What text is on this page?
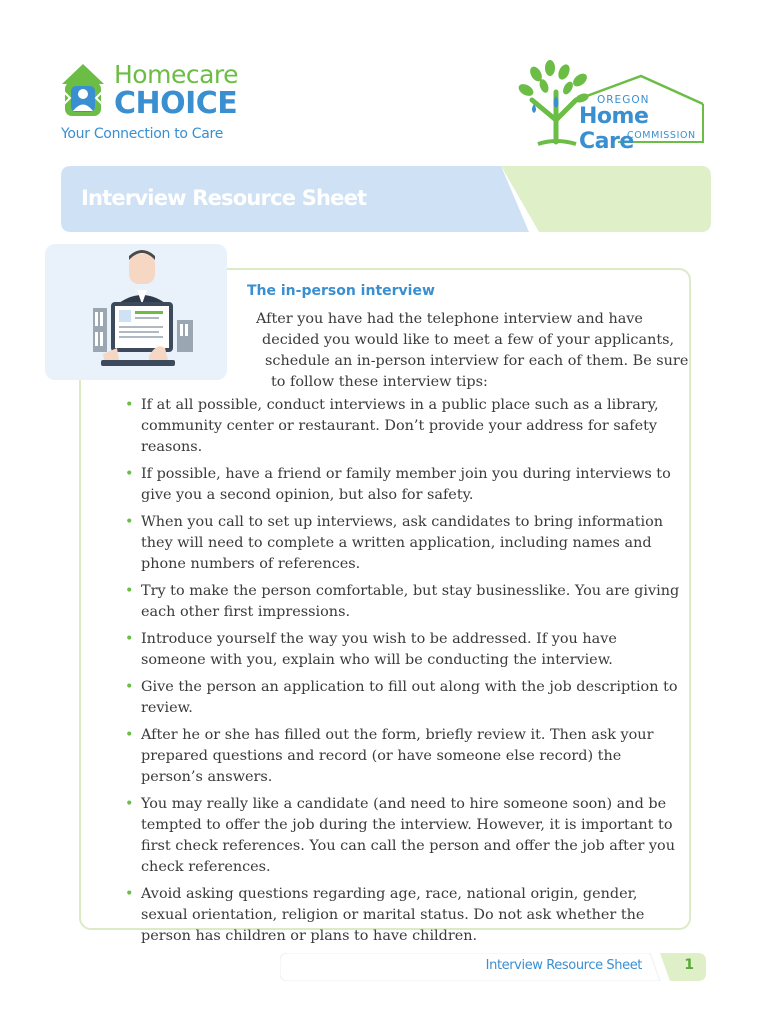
Homecare
CHOICE
Your Connection to Care
OREGON
Home Care
COMMISSION
Interview Resource Sheet
The in-person interview
After you have had the telephone interview and have
decided you would like to meet a few of your applicants,
schedule an in-person interview for each of them. Be sure
to follow these interview tips:
• If at all possible, conduct interviews in a public place such as a library, community center or restaurant. Don’t provide your address for safety reasons.
• If possible, have a friend or family member join you during interviews to give you a second opinion, but also for safety.
• When you call to set up interviews, ask candidates to bring information they will need to complete a written application, including names and phone numbers of references.
• Try to make the person comfortable, but stay businesslike. You are giving each other first impressions.
• Introduce yourself the way you wish to be addressed. If you have someone with you, explain who will be conducting the interview.
• Give the person an application to fill out along with the job description to review.
• After he or she has filled out the form, briefly review it. Then ask your prepared questions and record (or have someone else record) the person’s answers.
• You may really like a candidate (and need to hire someone soon) and be tempted to offer the job during the interview. However, it is important to first check references. You can call the person and offer the job after you check references.
• Avoid asking questions regarding age, race, national origin, gender, sexual orientation, religion or marital status. Do not ask whether the person has children or plans to have children.
Interview Resource Sheet	1
